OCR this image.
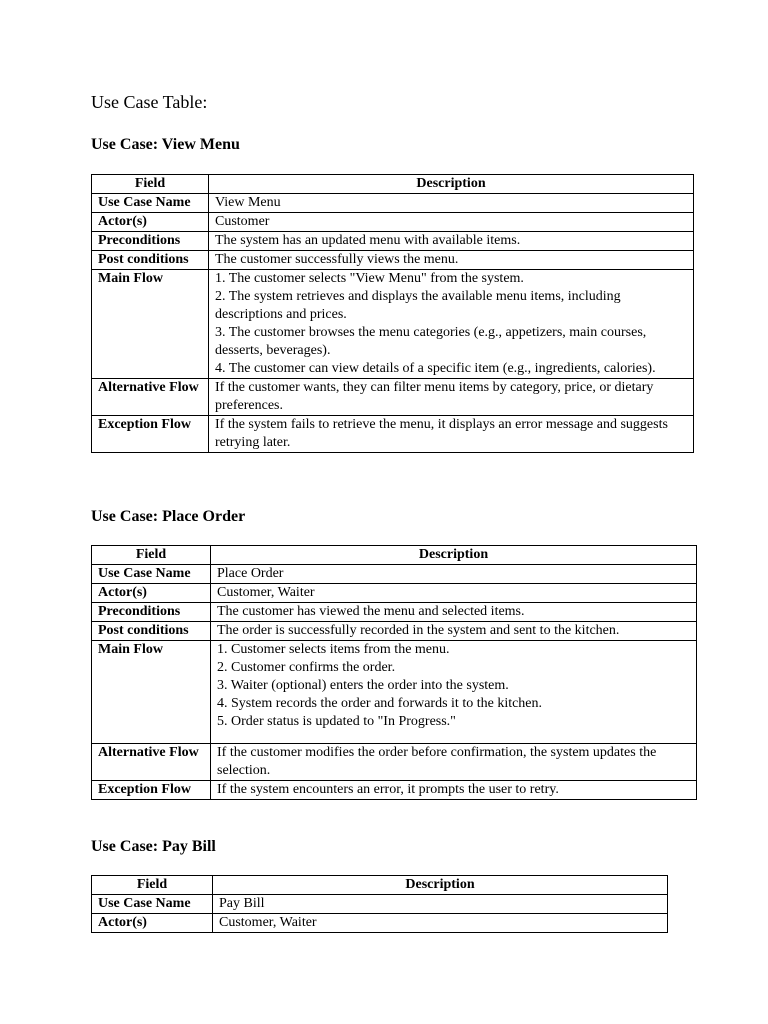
Use Case Table:
Use Case: View Menu
Field	Description
Use Case Name	View Menu
Actor(s)	Customer
Preconditions	The system has an updated menu with available items.
Post conditions	The customer successfully views the menu.
Main Flow	1. The customer selects "View Menu" from the system.
2. The system retrieves and displays the available menu items, including descriptions and prices.
3. The customer browses the menu categories (e.g., appetizers, main courses, desserts, beverages).
4. The customer can view details of a specific item (e.g., ingredients, calories).

Alternative Flow	If the customer wants, they can filter menu items by category, price, or dietary preferences.
Exception Flow	If the system fails to retrieve the menu, it displays an error message and suggests retrying later.
Use Case: Place Order
Field	Description
Use Case Name	Place Order
Actor(s)	Customer, Waiter
Preconditions	The customer has viewed the menu and selected items.
Post conditions	The order is successfully recorded in the system and sent to the kitchen.
Main Flow	1. Customer selects items from the menu.
2. Customer confirms the order.
3. Waiter (optional) enters the order into the system.
4. System records the order and forwards it to the kitchen.
5. Order status is updated to "In Progress."

Alternative Flow	If the customer modifies the order before confirmation, the system updates the selection.
Exception Flow	If the system encounters an error, it prompts the user to retry.
Use Case: Pay Bill
Field	Description
Use Case Name	Pay Bill
Actor(s)	Customer, Waiter
